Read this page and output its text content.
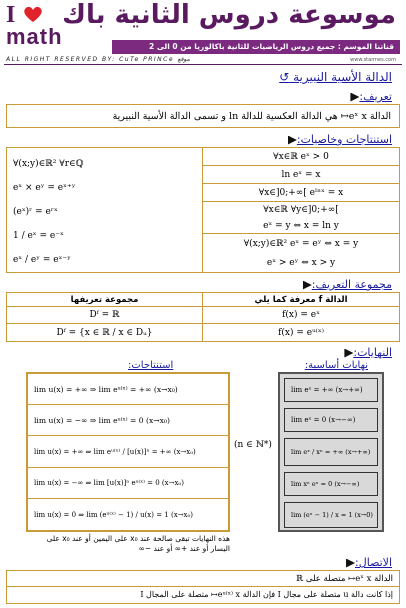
I
math
موسوعة دروس الثانية باك
قناتنا الموسم : جميع دروس الرياضيات للثانية باكالوريا من 0 الى 2
ALL RIGHT RESERVED BY: CuTe PRINCe موقع	www.starmes.com
الدالة الأسية النبيرية ↺
تعريف:
الدالة eˣ x↦ هي الدالة العكسية للدالة ln و تسمى الدالة الأسية النبيرية
استنتاجات وخاصيات:
∀(x;y)∈ℝ² ∀r∈ℚ
eˣ × eʸ = eˣ⁺ʸ
(eˣ)ʳ = eʳˣ
1 / eˣ = e⁻ˣ
eˣ / eʸ = eˣ⁻ʸ
∀x∈ℝ eˣ > 0
ln eˣ = x
∀x∈]0;+∞[ eˡⁿˣ = x
∀x∈ℝ ∀y∈]0;+∞[
eˣ = y ⇔ x = ln y
∀(x;y)∈ℝ² eˣ = eʸ ⇔ x = y
eˣ > eʸ ⇔ x > y
مجموعة التعريف:
مجموعة تعريفها	الدالة f معرفة كما يلي
Dᶠ = ℝ	f(x) = eˣ
Dᶠ = {x ∈ ℝ / x ∈ Dᵤ}	f(x) = eᵘ⁽ˣ⁾
النهايات:
نهايات أساسية:
استنتاجات:
lim u(x) = +∞ ⇒ lim eᵘ⁽ˣ⁾ = +∞ (x→x₀)
lim u(x) = −∞ ⇒ lim eᵘ⁽ˣ⁾ = 0 (x→x₀)
lim u(x) = +∞ ⇒ lim eᵘ⁽ˣ⁾ / [u(x)]ⁿ = +∞ (x→x₀)
lim u(x) = −∞ ⇒ lim [u(x)]ⁿ eᵘ⁽ˣ⁾ = 0 (x→x₀)
lim u(x) = 0 ⇒ lim (eᵘ⁽ˣ⁾ − 1) / u(x) = 1 (x→x₀)
هذه النهايات تبقى صالحة عند x₀ على اليمين أو عند x₀ على اليسار أو عند +∞ أو عند −∞
(n ∈ ℕ*)
lim eˣ = +∞ (x→+∞)
lim eˣ = 0 (x→−∞)
lim eˣ / xⁿ = +∞ (x→+∞)
lim xⁿ eˣ = 0 (x→−∞)
lim (eˣ − 1) / x = 1 (x→0)
الاتصال:
الدالة eˣ x↦ متصلة على ℝ
إذا كانت دالة u متصلة على مجال I فإن الدالة eᵘ⁽ˣ⁾ x↦ متصلة على المجال I
